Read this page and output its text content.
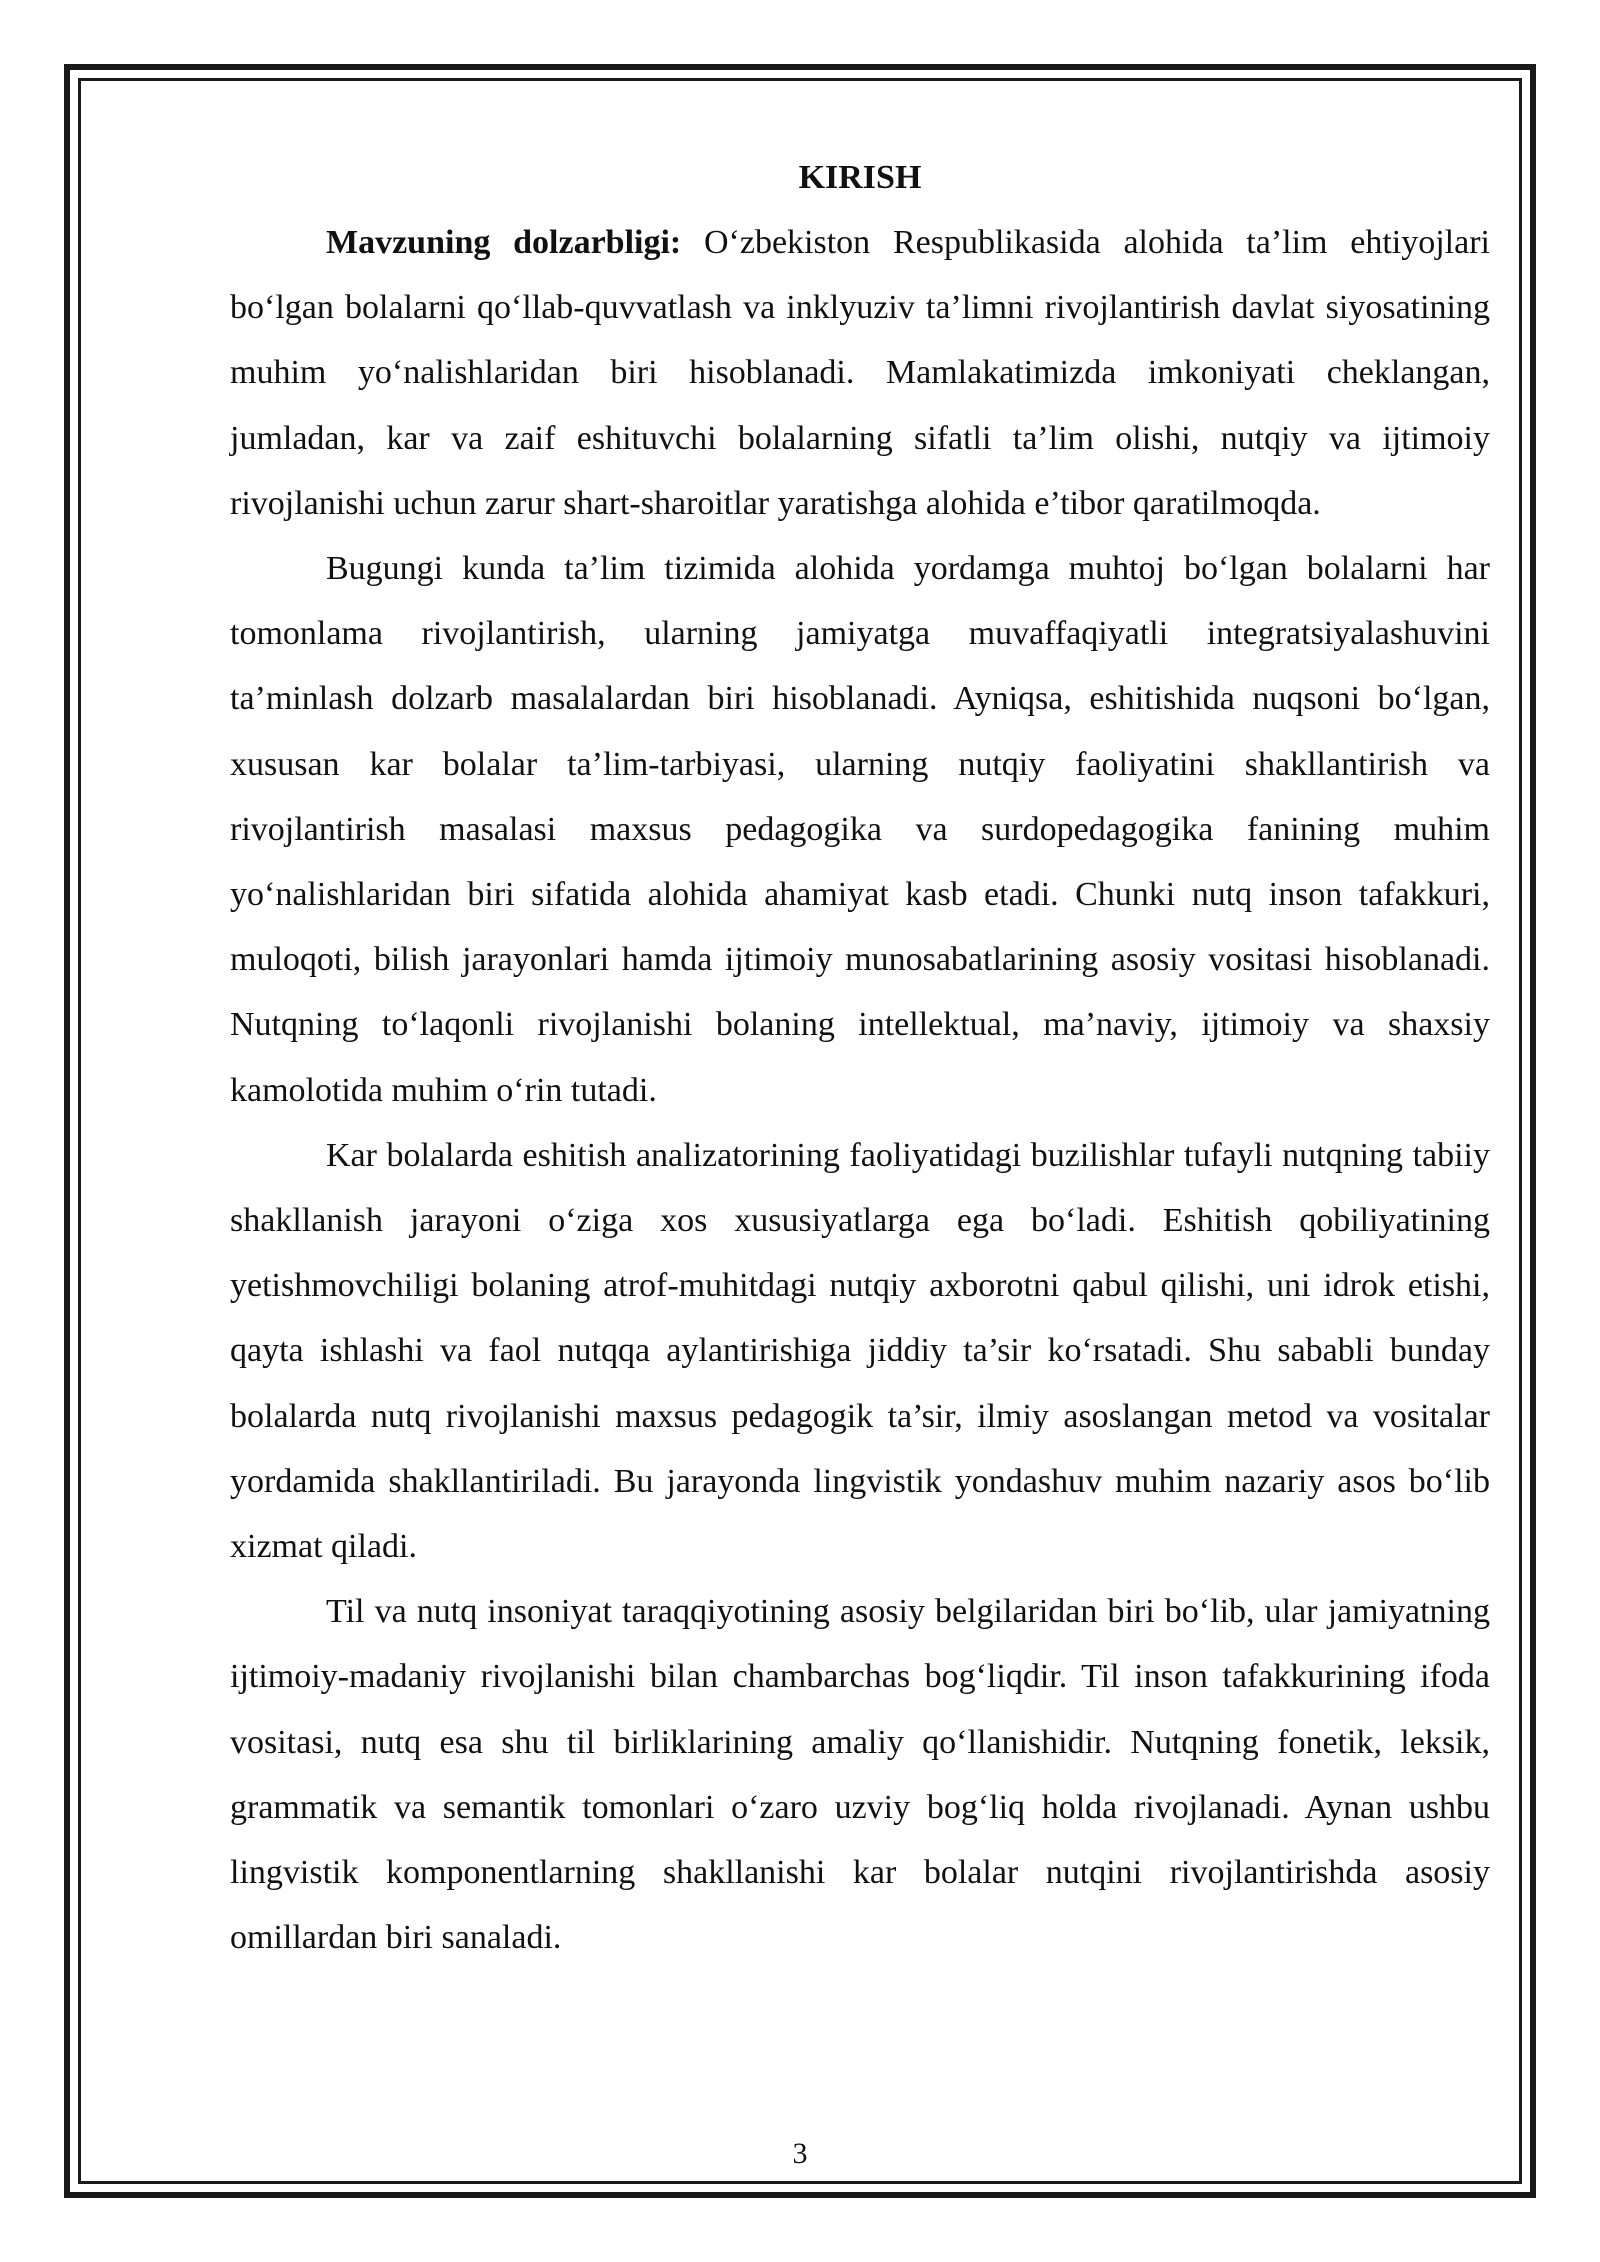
KIRISH

Mavzuning dolzarbligi: O‘zbekiston Respublikasida alohida ta’lim ehtiyojlari bo‘lgan bolalarni qo‘llab-quvvatlash va inklyuziv ta’limni rivojlantirish davlat siyosatining muhim yo‘nalishlaridan biri hisoblanadi. Mamlakatimizda imkoniyati cheklangan, jumladan, kar va zaif eshituvchi bolalarning sifatli ta’lim olishi, nutqiy va ijtimoiy rivojlanishi uchun zarur shart-sharoitlar yaratishga alohida e’tibor qaratilmoqda.

Bugungi kunda ta’lim tizimida alohida yordamga muhtoj bo‘lgan bolalarni har tomonlama rivojlantirish, ularning jamiyatga muvaffaqiyatli integratsiyalashuvini ta’minlash dolzarb masalalardan biri hisoblanadi. Ayniqsa, eshitishida nuqsoni bo‘lgan, xususan kar bolalar ta’lim-tarbiyasi, ularning nutqiy faoliyatini shakllantirish va rivojlantirish masalasi maxsus pedagogika va surdopedagogika fanining muhim yo‘nalishlaridan biri sifatida alohida ahamiyat kasb etadi. Chunki nutq inson tafakkuri, muloqoti, bilish jarayonlari hamda ijtimoiy munosabatlarining asosiy vositasi hisoblanadi. Nutqning to‘laqonli rivojlanishi bolaning intellektual, ma’naviy, ijtimoiy va shaxsiy kamolotida muhim o‘rin tutadi.

Kar bolalarda eshitish analizatorining faoliyatidagi buzilishlar tufayli nutqning tabiiy shakllanish jarayoni o‘ziga xos xususiyatlarga ega bo‘ladi. Eshitish qobiliyatining yetishmovchiligi bolaning atrof-muhitdagi nutqiy axborotni qabul qilishi, uni idrok etishi, qayta ishlashi va faol nutqqa aylantirishiga jiddiy ta’sir ko‘rsatadi. Shu sababli bunday bolalarda nutq rivojlanishi maxsus pedagogik ta’sir, ilmiy asoslangan metod va vositalar yordamida shakllantiriladi. Bu jarayonda lingvistik yondashuv muhim nazariy asos bo‘lib xizmat qiladi.

Til va nutq insoniyat taraqqiyotining asosiy belgilaridan biri bo‘lib, ular jamiyatning ijtimoiy-madaniy rivojlanishi bilan chambarchas bog‘liqdir. Til inson tafakkurining ifoda vositasi, nutq esa shu til birliklarining amaliy qo‘llanishidir. Nutqning fonetik, leksik, grammatik va semantik tomonlari o‘zaro uzviy bog‘liq holda rivojlanadi. Aynan ushbu lingvistik komponentlarning shakllanishi kar bolalar nutqini rivojlantirishda asosiy omillardan biri sanaladi.

3
